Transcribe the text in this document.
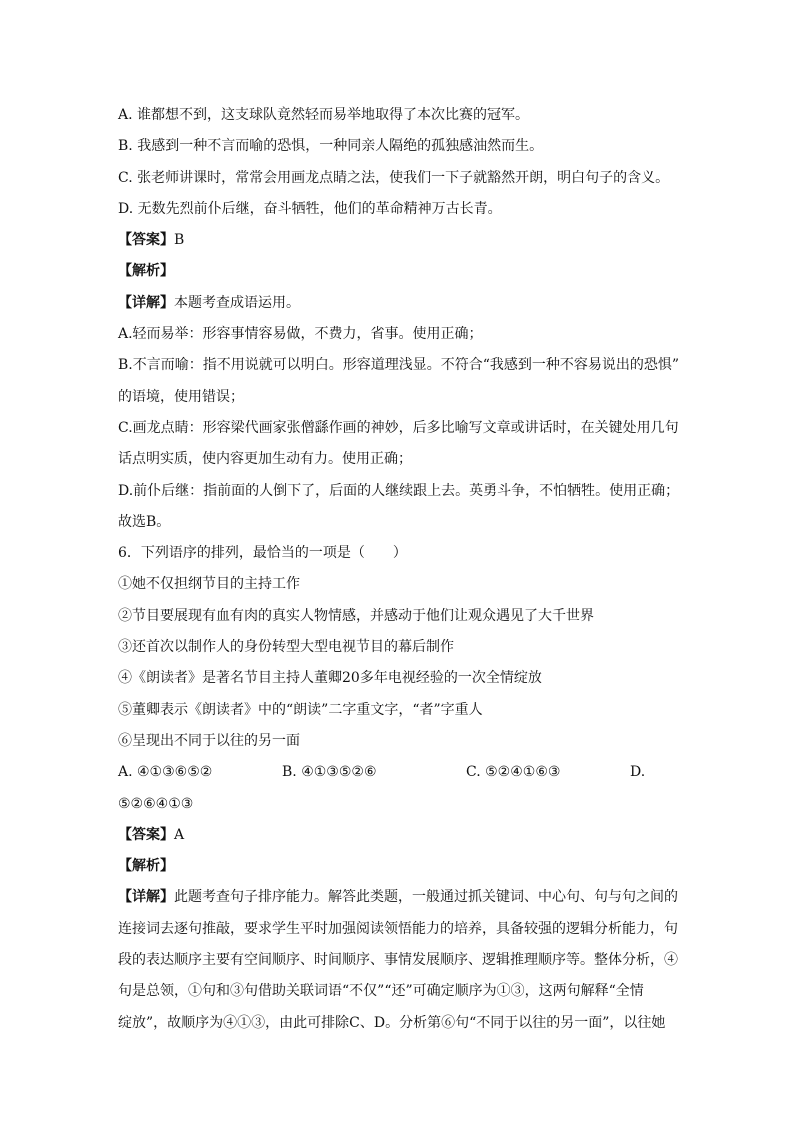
A. 谁都想不到，这支球队竟然轻而易举地取得了本次比赛的冠军。
B. 我感到一种不言而喻的恐惧，一种同亲人隔绝的孤独感油然而生。
C. 张老师讲课时，常常会用画龙点睛之法，使我们一下子就豁然开朗，明白句子的含义。
D. 无数先烈前仆后继，奋斗牺牲，他们的革命精神万古长青。
【答案】B
【解析】
【详解】本题考查成语运用。
A.轻而易举：形容事情容易做，不费力，省事。使用正确；
B.不言而喻：指不用说就可以明白。形容道理浅显。不符合“我感到一种不容易说出的恐惧”
的语境，使用错误；
C.画龙点睛：形容梁代画家张僧繇作画的神妙，后多比喻写文章或讲话时，在关键处用几句
话点明实质，使内容更加生动有力。使用正确；
D.前仆后继：指前面的人倒下了，后面的人继续跟上去。英勇斗争，不怕牺牲。使用正确；
故选B。
6．下列语序的排列，最恰当的一项是（　　）
①她不仅担纲节目的主持工作
②节目要展现有血有肉的真实人物情感，并感动于他们让观众遇见了大千世界
③还首次以制作人的身份转型大型电视节目的幕后制作
④《朗读者》是著名节目主持人董卿20多年电视经验的一次全情绽放
⑤董卿表示《朗读者》中的“朗读”二字重文字，“者”字重人
⑥呈现出不同于以往的另一面
A. ④①③⑥⑤②	B. ④①③⑤②⑥	C. ⑤②④①⑥③	D.
⑤②⑥④①③
【答案】A
【解析】
【详解】此题考查句子排序能力。解答此类题，一般通过抓关键词、中心句、句与句之间的
连接词去逐句推敲，要求学生平时加强阅读领悟能力的培养，具备较强的逻辑分析能力，句
段的表达顺序主要有空间顺序、时间顺序、事情发展顺序、逻辑推理顺序等。整体分析，④
句是总领，①句和③句借助关联词语“不仅”“还”可确定顺序为①③，这两句解释“全情
绽放”，故顺序为④①③，由此可排除C、D。分析第⑥句“不同于以往的另一面”，以往她
